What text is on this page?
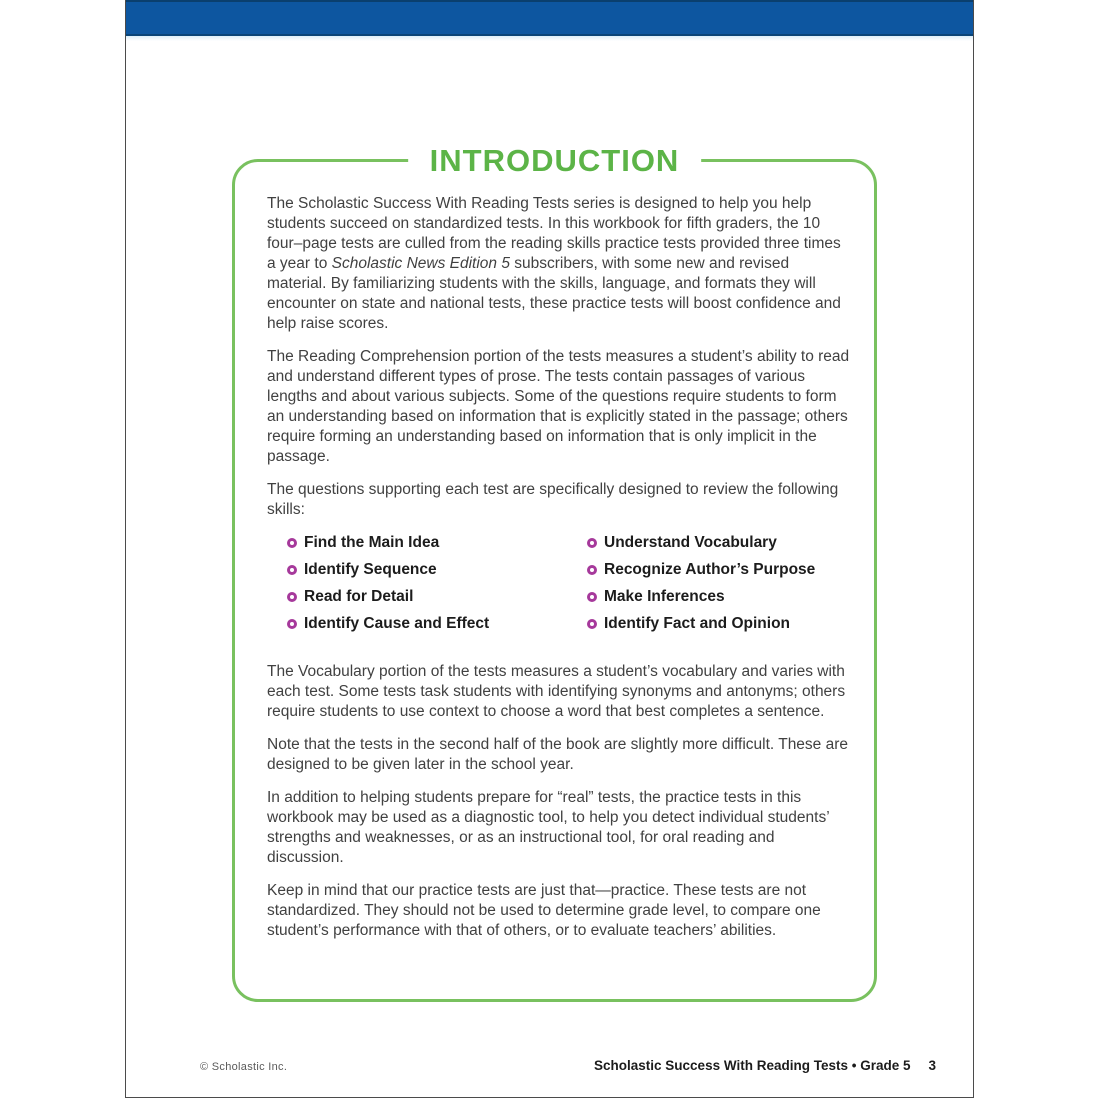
INTRODUCTION

The Scholastic Success With Reading Tests series is designed to help you help students succeed on standardized tests. In this workbook for fifth graders, the 10 four–page tests are culled from the reading skills practice tests provided three times a year to Scholastic News Edition 5 subscribers, with some new and revised material. By familiarizing students with the skills, language, and formats they will encounter on state and national tests, these practice tests will boost confidence and help raise scores.

The Reading Comprehension portion of the tests measures a student’s ability to read and understand different types of prose. The tests contain passages of various lengths and about various subjects. Some of the questions require students to form an understanding based on information that is explicitly stated in the passage; others require forming an understanding based on information that is only implicit in the passage.

The questions supporting each test are specifically designed to review the following skills:

Find the Main Idea	Understand Vocabulary
Identify Sequence	Recognize Author’s Purpose
Read for Detail	Make Inferences
Identify Cause and Effect	Identify Fact and Opinion

The Vocabulary portion of the tests measures a student’s vocabulary and varies with each test. Some tests task students with identifying synonyms and antonyms; others require students to use context to choose a word that best completes a sentence.

Note that the tests in the second half of the book are slightly more difficult. These are designed to be given later in the school year.

In addition to helping students prepare for “real” tests, the practice tests in this workbook may be used as a diagnostic tool, to help you detect individual students’ strengths and weaknesses, or as an instructional tool, for oral reading and discussion.

Keep in mind that our practice tests are just that—practice. These tests are not standardized. They should not be used to determine grade level, to compare one student’s performance with that of others, or to evaluate teachers’ abilities.

© Scholastic Inc.	Scholastic Success With Reading Tests • Grade 5 3
